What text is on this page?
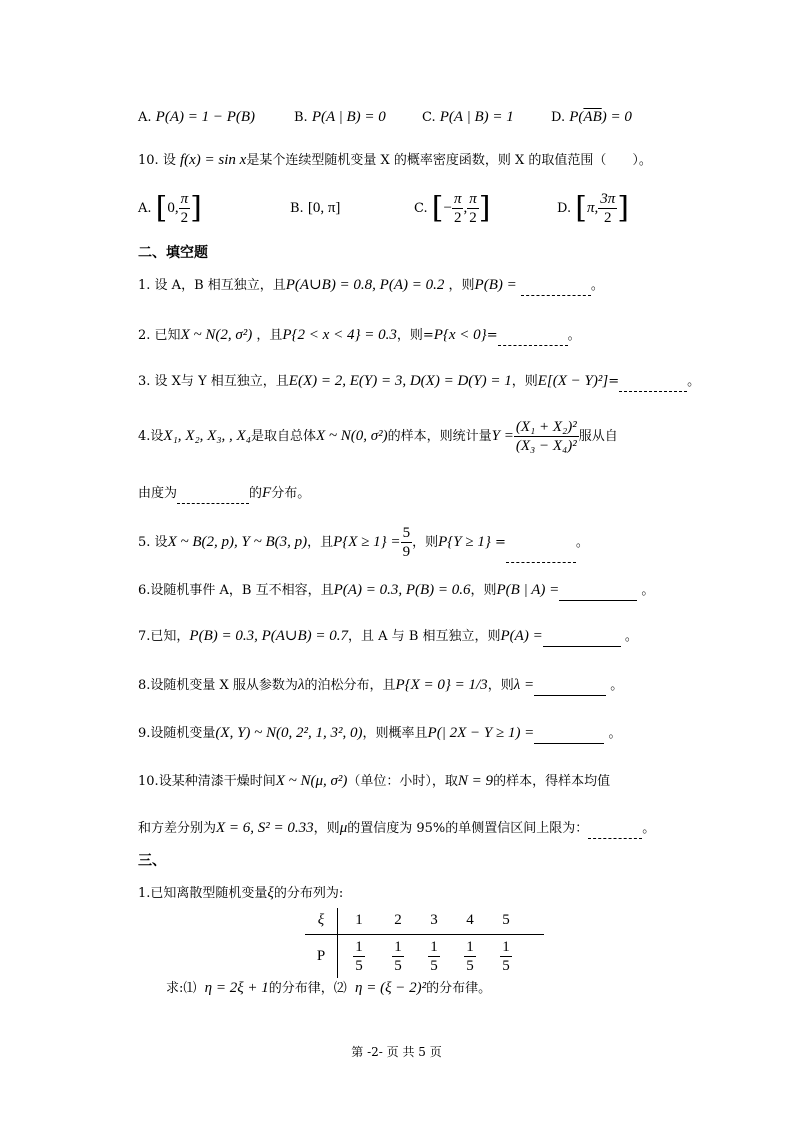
A. P(A) = 1 − P(B)	B. P(A | B) = 0	C. P(A | B) = 1	D. $P(\overline{AB}) = 0$
10. 设 f(x) = sin x是某个连续型随机变量 X 的概率密度函数，则 X 的取值范围（　　）。
A. [0, $\frac{\pi}{2}$ ]	B. [0, π]	C. [− $\frac{\pi}{2}$ , $\frac{\pi}{2}$ ]	D. [π, $\frac{3\pi}{2}$ ]
二、填空题
1. 设 A，B 相互独立，且P(A∪B) = 0.8, P(A) = 0.2 ，则P(B) =	。
2. 已知X ~ N(2, σ²) ，且P{2 < x < 4} = 0.3，则=P{x < 0}=	。
3. 设 X与 Y 相互独立，且E(X) = 2, E(Y) = 3, D(X) = D(Y) = 1，则E[(X − Y)²]=	。
4.设X₁, X₂, X₃, , X₄是取自总体X ~ N(0, σ²)的样本，则统计量$Y = \frac{\text{(X₁ + X₂)²}}{\text{(X₃ − X₄)²}}$ 服从自
由度为	的F分布。
5. 设X ~ B(2, p), Y ~ B(3, p)，且$P\{X \ge 1\} = \frac{5}{9}$ ，则P{Y ≥ 1} =	。
6.设随机事件 A，B 互不相容，且P(A) = 0.3, P(B) = 0.6，则P(B | A) =	。
7.已知，P(B) = 0.3, P(A∪B) = 0.7，且 A 与 B 相互独立，则P(A) =	。
8.设随机变量 X 服从参数为λ的泊松分布，且P{X = 0} = 1/3，则λ =	。
9.设随机变量(X, Y) ~ N(0, 2², 1, 3², 0)，则概率且P(| 2X − Y ≥ 1) =	。
10.设某种清漆干燥时间X ~ N(μ, σ²)（单位：小时），取N = 9的样本，得样本均值
和方差分别为X = 6, S² = 0.33，则μ的置信度为 95%的单侧置信区间上限为：	。
三、
1.已知离散型随机变量ξ的分布列为:
ξ	1	2	3	4	5	
P	$\frac{1}{5}$	$\frac{1}{5}$	$\frac{1}{5}$	$\frac{1}{5}$	$\frac{1}{5}$

求:⑴ η = 2ξ + 1的分布律，⑵ η = (ξ − 2)²的分布律。
第 -2- 页 共 5 页
